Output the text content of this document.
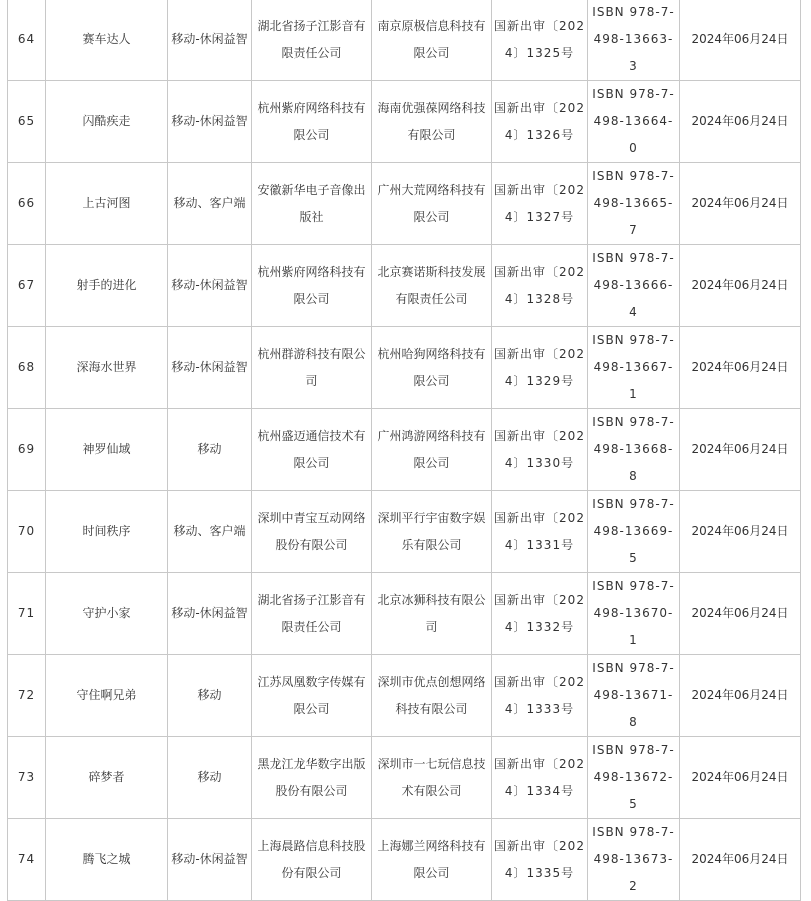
64	赛车达人	移动-休闲益智	湖北省扬子江影音有限责任公司	南京原极信息科技有限公司	国新出审〔2024〕1325号	ISBN 978-7-498-13663-3	2024年06月24日
65	闪酷疾走	移动-休闲益智	杭州紫府网络科技有限公司	海南优强葆网络科技有限公司	国新出审〔2024〕1326号	ISBN 978-7-498-13664-0	2024年06月24日
66	上古河图	移动、客户端	安徽新华电子音像出版社	广州大荒网络科技有限公司	国新出审〔2024〕1327号	ISBN 978-7-498-13665-7	2024年06月24日
67	射手的进化	移动-休闲益智	杭州紫府网络科技有限公司	北京赛诺斯科技发展有限责任公司	国新出审〔2024〕1328号	ISBN 978-7-498-13666-4	2024年06月24日
68	深海水世界	移动-休闲益智	杭州群游科技有限公司	杭州哈狗网络科技有限公司	国新出审〔2024〕1329号	ISBN 978-7-498-13667-1	2024年06月24日
69	神罗仙域	移动	杭州盛迈通信技术有限公司	广州鸿游网络科技有限公司	国新出审〔2024〕1330号	ISBN 978-7-498-13668-8	2024年06月24日
70	时间秩序	移动、客户端	深圳中青宝互动网络股份有限公司	深圳平行宇宙数字娱乐有限公司	国新出审〔2024〕1331号	ISBN 978-7-498-13669-5	2024年06月24日
71	守护小家	移动-休闲益智	湖北省扬子江影音有限责任公司	北京冰狮科技有限公司	国新出审〔2024〕1332号	ISBN 978-7-498-13670-1	2024年06月24日
72	守住啊兄弟	移动	江苏凤凰数字传媒有限公司	深圳市优点创想网络科技有限公司	国新出审〔2024〕1333号	ISBN 978-7-498-13671-8	2024年06月24日
73	碎梦者	移动	黑龙江龙华数字出版股份有限公司	深圳市一七玩信息技术有限公司	国新出审〔2024〕1334号	ISBN 978-7-498-13672-5	2024年06月24日
74	腾飞之城	移动-休闲益智	上海晨路信息科技股份有限公司	上海娜兰网络科技有限公司	国新出审〔2024〕1335号	ISBN 978-7-498-13673-2	2024年06月24日
